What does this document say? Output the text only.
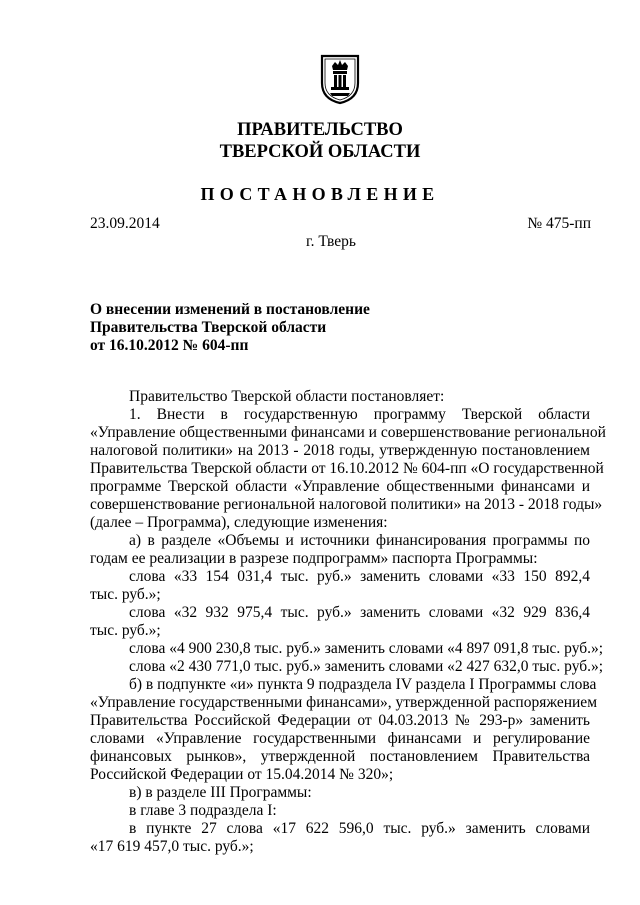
ПРАВИТЕЛЬСТВО
ТВЕРСКОЙ ОБЛАСТИ
ПОСТАНОВЛЕНИЕ
23.09.2014	№ 475-пп
г. Тверь
О внесении изменений в постановление
Правительства Тверской области
от 16.10.2012 № 604-пп
Правительство Тверской области постановляет:
1. Внести в государственную программу Тверской области
«Управление общественными финансами и совершенствование региональной
налоговой политики» на 2013 - 2018 годы, утвержденную постановлением
Правительства Тверской области от 16.10.2012 № 604-пп «О государственной
программе Тверской области «Управление общественными финансами и
совершенствование региональной налоговой политики» на 2013 - 2018 годы»
(далее – Программа), следующие изменения:
а) в разделе «Объемы и источники финансирования программы по
годам ее реализации в разрезе подпрограмм» паспорта Программы:
слова «33 154 031,4 тыс. руб.» заменить словами «33 150 892,4
тыс. руб.»;
слова «32 932 975,4 тыс. руб.» заменить словами «32 929 836,4
тыс. руб.»;
слова «4 900 230,8 тыс. руб.» заменить словами «4 897 091,8 тыс. руб.»;
слова «2 430 771,0 тыс. руб.» заменить словами «2 427 632,0 тыс. руб.»;
б) в подпункте «и» пункта 9 подраздела IV раздела I Программы слова
«Управление государственными финансами», утвержденной распоряжением
Правительства Российской Федерации от 04.03.2013 № 293-р» заменить
словами «Управление государственными финансами и регулирование
финансовых рынков», утвержденной постановлением Правительства
Российской Федерации от 15.04.2014 № 320»;
в) в разделе III Программы:
в главе 3 подраздела I:
в пункте 27 слова «17 622 596,0 тыс. руб.» заменить словами
«17 619 457,0 тыс. руб.»;
